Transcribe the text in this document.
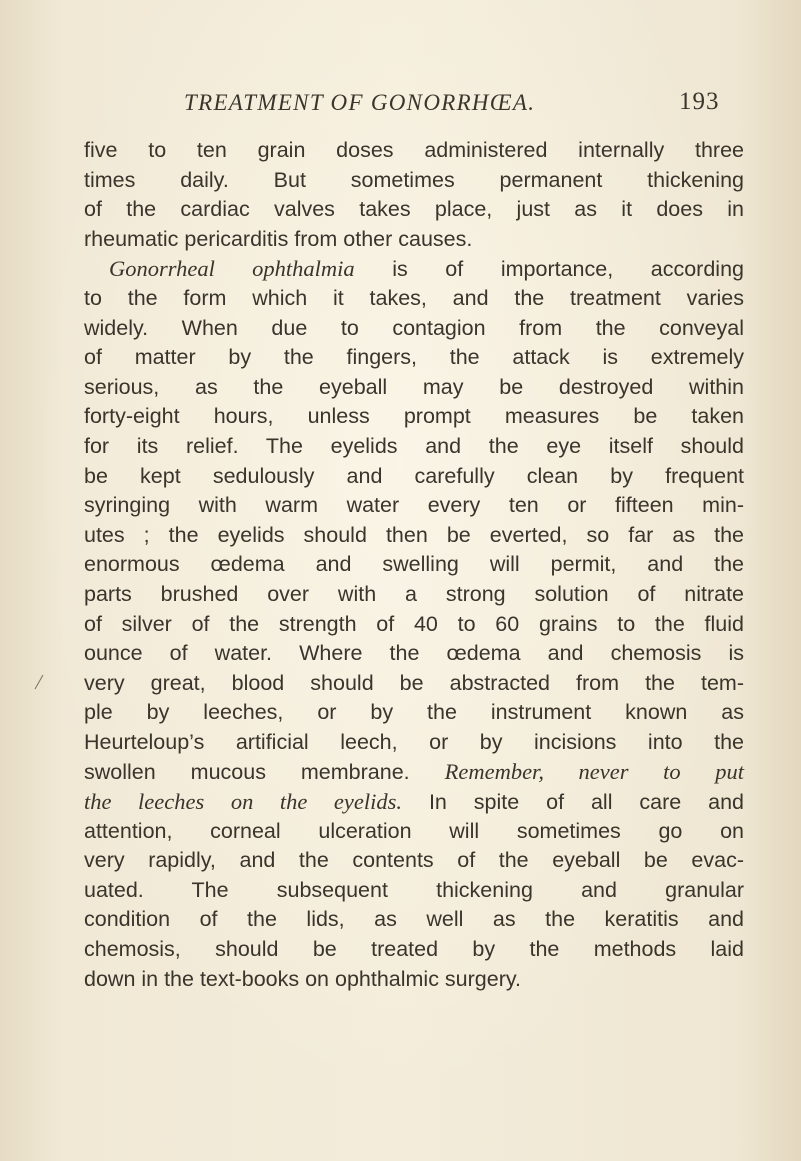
TREATMENT OF GONORRHŒA.	193
five to ten grain doses administered internally three
times daily. But sometimes permanent thickening
of the cardiac valves takes place, just as it does in
rheumatic pericarditis from other causes.
Gonorrheal ophthalmia is of importance, according
to the form which it takes, and the treatment varies
widely. When due to contagion from the conveyal
of matter by the fingers, the attack is extremely
serious, as the eyeball may be destroyed within
forty-eight hours, unless prompt measures be taken
for its relief. The eyelids and the eye itself should
be kept sedulously and carefully clean by frequent
syringing with warm water every ten or fifteen min-
utes ; the eyelids should then be everted, so far as the
enormous œdema and swelling will permit, and the
parts brushed over with a strong solution of nitrate
of silver of the strength of 40 to 60 grains to the fluid
ounce of water. Where the œdema and chemosis is
very great, blood should be abstracted from the tem-
ple by leeches, or by the instrument known as
Heurteloup’s artificial leech, or by incisions into the
swollen mucous membrane. Remember, never to put
the leeches on the eyelids. In spite of all care and
attention, corneal ulceration will sometimes go on
very rapidly, and the contents of the eyeball be evac-
uated. The subsequent thickening and granular
condition of the lids, as well as the keratitis and
chemosis, should be treated by the methods laid
down in the text-books on ophthalmic surgery.
